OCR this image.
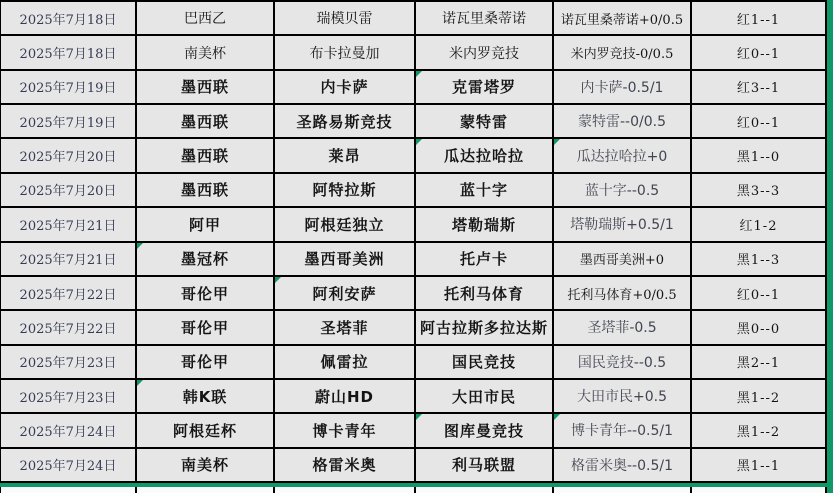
2025年7月18日	巴西乙	瑞模贝雷	诺瓦里桑蒂诺	诺瓦里桑蒂诺+0/0.5	红1--1
2025年7月18日	南美杯	布卡拉曼加	米内罗竞技	米内罗竞技-0/0.5	红0--1
2025年7月19日	墨西联	内卡萨	克雷塔罗	内卡萨-0.5/1	红3--1
2025年7月19日	墨西联	圣路易斯竞技	蒙特雷	蒙特雷--0/0.5	红0--1
2025年7月20日	墨西联	莱昂	瓜达拉哈拉	瓜达拉哈拉+0	黑1--0
2025年7月20日	墨西联	阿特拉斯	蓝十字	蓝十字--0.5	黑3--3
2025年7月21日	阿甲	阿根廷独立	塔勒瑞斯	塔勒瑞斯+0.5/1	红1-2
2025年7月21日	墨冠杯	墨西哥美洲	托卢卡	墨西哥美洲+0	黑1--3
2025年7月22日	哥伦甲	阿利安萨	托利马体育	托利马体育+0/0.5	红0--1
2025年7月22日	哥伦甲	圣塔菲	阿古拉斯多拉达斯	圣塔菲-0.5	黑0--0
2025年7月23日	哥伦甲	佩雷拉	国民竞技	国民竞技--0.5	黑2--1
2025年7月23日	韩K联	蔚山HD	大田市民	大田市民+0.5	黑1--2
2025年7月24日	阿根廷杯	博卡青年	图库曼竞技	博卡青年--0.5/1	黑1--2
2025年7月24日	南美杯	格雷米奥	利马联盟	格雷米奥--0.5/1	黑1--1
